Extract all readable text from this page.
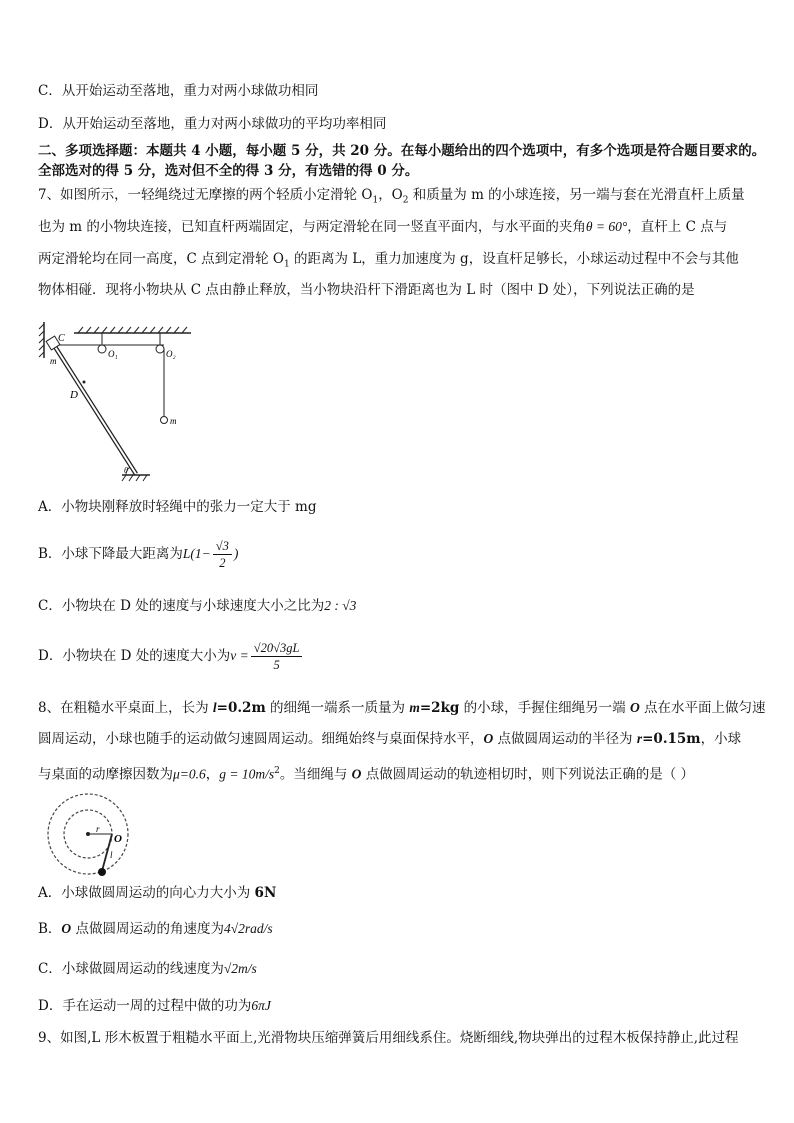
C．从开始运动至落地，重力对两小球做功相同
D．从开始运动至落地，重力对两小球做功的平均功率相同
二、多项选择题：本题共 4 小题，每小题 5 分，共 20 分。在每小题给出的四个选项中，有多个选项是符合题目要求的。
全部选对的得 5 分，选对但不全的得 3 分，有选错的得 0 分。
7、如图所示，一轻绳绕过无摩擦的两个轻质小定滑轮 $O_1$，$O_2$ 和质量为 m 的小球连接，另一端与套在光滑直杆上质量
也为 m 的小物块连接，已知直杆两端固定，与两定滑轮在同一竖直平面内，与水平面的夹角θ = 60°，直杆上 C 点与
两定滑轮均在同一高度，C 点到定滑轮 $O_1$ 的距离为 L，重力加速度为 g，设直杆足够长，小球运动过程中不会与其他
物体相碰．现将小物块从 C 点由静止释放，当小物块沿杆下滑距离也为 L 时（图中 D 处），下列说法正确的是
C
m
O₁	O₂
D
m
θ
A．小物块刚释放时轻绳中的张力一定大于 mg
B．小球下降最大距离为$L(1- \frac{√3}{2}$ )
C．小物块在 D 处的速度与小球速度大小之比为2 : √3
D．小物块在 D 处的速度大小为$v = \frac{√20√3gL}{5}$
8、在粗糙水平桌面上，长为 l=0.2m 的细绳一端系一质量为 m=2kg 的小球，手握住细绳另一端 O 点在水平面上做匀速
圆周运动，小球也随手的运动做匀速圆周运动。细绳始终与桌面保持水平，O 点做圆周运动的半径为 r=0.15m，小球
与桌面的动摩擦因数为μ=0.6，$g = 10m/s^2$。当细绳与 O 点做圆周运动的轨迹相切时，则下列说法正确的是（ ）
r
O
l
A．小球做圆周运动的向心力大小为 6N
B．O 点做圆周运动的角速度为4√2rad/s
C．小球做圆周运动的线速度为√2m/s
D．手在运动一周的过程中做的功为6πJ
9、如图,L 形木板置于粗糙水平面上,光滑物块压缩弹簧后用细线系住。烧断细线,物块弹出的过程木板保持静止,此过程
